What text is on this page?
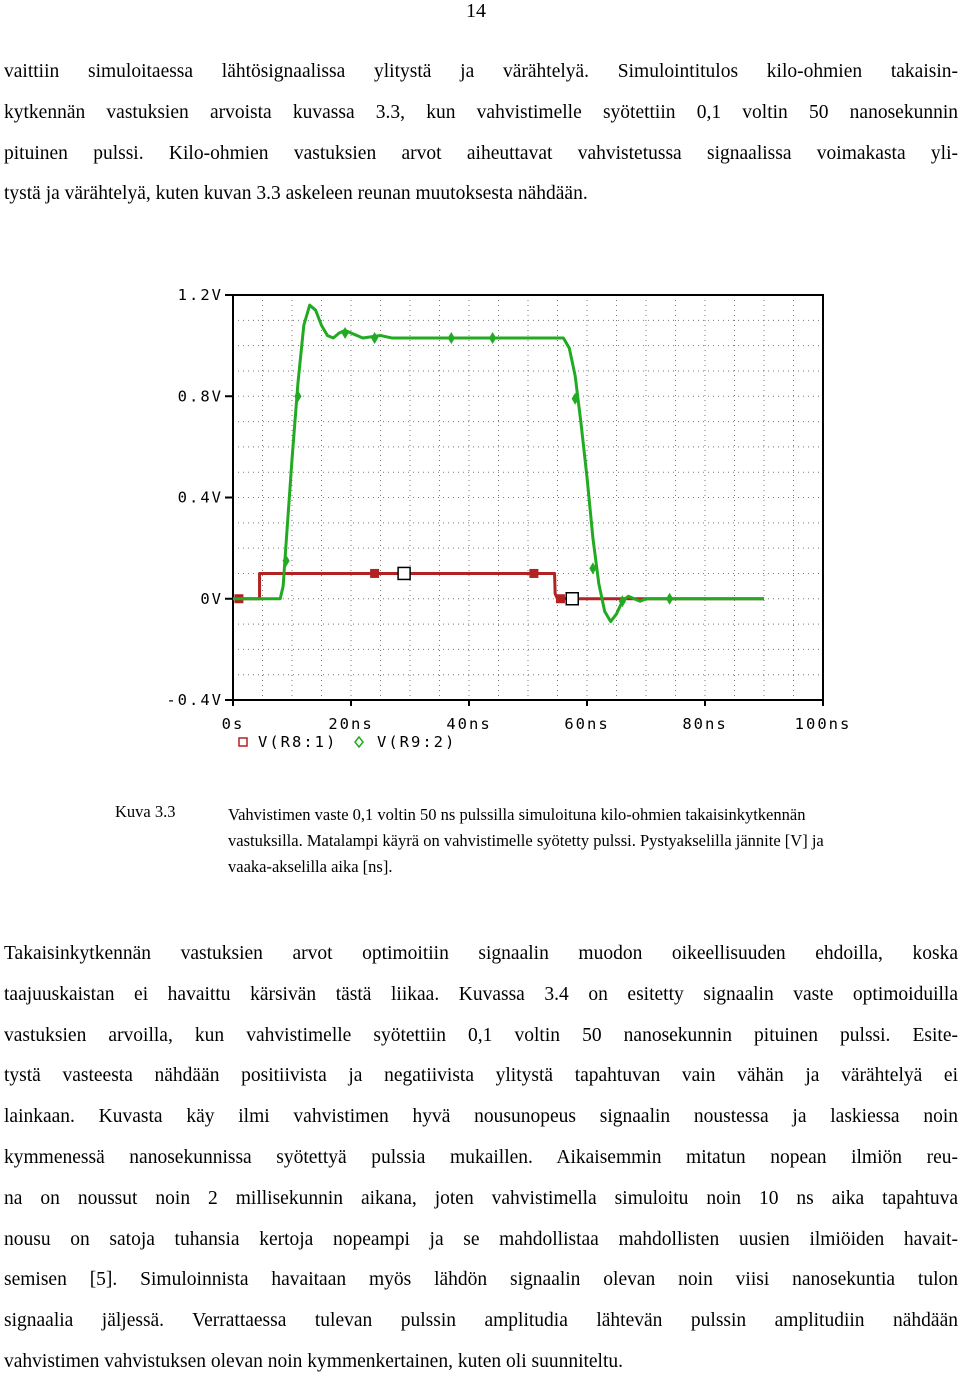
14
vaittiin simuloitaessa lähtösignaalissa ylitystä ja värähtelyä. Simulointitulos kilo-ohmien takaisin-
kytkennän vastuksien arvoista kuvassa 3.3, kun vahvistimelle syötettiin 0,1 voltin 50 nanosekunnin
pituinen pulssi. Kilo-ohmien vastuksien arvot aiheuttavat vahvistetussa signaalissa voimakasta yli-
tystä ja värähtelyä, kuten kuvan 3.3 askeleen reunan muutoksesta nähdään.
1.2V
0.8V
0.4V
0V
-0.4V
0s	20ns	40ns	60ns	80ns	100ns
V(R8:1)	V(R9:2)
Kuva 3.3	Vahvistimen vaste 0,1 voltin 50 ns pulssilla simuloituna kilo-ohmien takaisinkytkennän
vastuksilla. Matalampi käyrä on vahvistimelle syötetty pulssi. Pystyakselilla jännite [V] ja
vaaka-akselilla aika [ns].
Takaisinkytkennän vastuksien arvot optimoitiin signaalin muodon oikeellisuuden ehdoilla, koska
taajuuskaistan ei havaittu kärsivän tästä liikaa. Kuvassa 3.4 on esitetty signaalin vaste optimoiduilla
vastuksien arvoilla, kun vahvistimelle syötettiin 0,1 voltin 50 nanosekunnin pituinen pulssi. Esite-
tystä vasteesta nähdään positiivista ja negatiivista ylitystä tapahtuvan vain vähän ja värähtelyä ei
lainkaan. Kuvasta käy ilmi vahvistimen hyvä nousunopeus signaalin noustessa ja laskiessa noin
kymmenessä nanosekunnissa syötettyä pulssia mukaillen. Aikaisemmin mitatun nopean ilmiön reu-
na on noussut noin 2 millisekunnin aikana, joten vahvistimella simuloitu noin 10 ns aika tapahtuva
nousu on satoja tuhansia kertoja nopeampi ja se mahdollistaa mahdollisten uusien ilmiöiden havait-
semisen [5]. Simuloinnista havaitaan myös lähdön signaalin olevan noin viisi nanosekuntia tulon
signaalia jäljessä. Verrattaessa tulevan pulssin amplitudia lähtevän pulssin amplitudiin nähdään
vahvistimen vahvistuksen olevan noin kymmenkertainen, kuten oli suunniteltu.
